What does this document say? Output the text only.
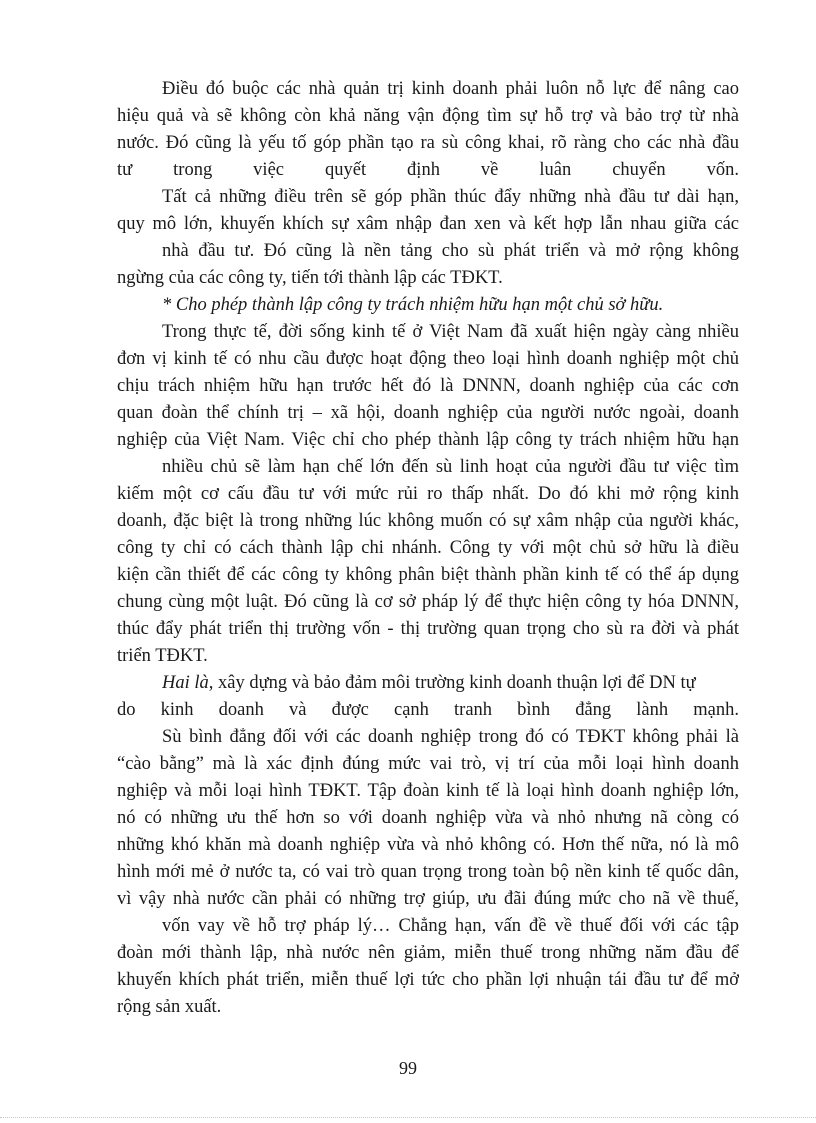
Điều đó buộc các nhà quản trị kinh doanh phải luôn nỗ lực để nâng cao
hiệu quả và sẽ không còn khả năng vận động tìm sự hỗ trợ và bảo trợ từ nhà
nước. Đó cũng là yếu tố góp phần tạo ra sù công khai, rõ ràng cho các nhà đầu
tư trong việc quyết định về luân chuyển vốn.
Tất cả những điều trên sẽ góp phần thúc đẩy những nhà đầu tư dài hạn,
quy mô lớn, khuyến khích sự xâm nhập đan xen và kết hợp lẫn nhau giữa các
nhà đầu tư. Đó cũng là nền tảng cho sù phát triển và mở rộng không
ngừng của các công ty, tiến tới thành lập các TĐKT.
* Cho phép thành lập công ty trách nhiệm hữu hạn một chủ sở hữu.
Trong thực tế, đời sống kinh tế ở Việt Nam đã xuất hiện ngày càng nhiều
đơn vị kinh tế có nhu cầu được hoạt động theo loại hình doanh nghiệp một chủ
chịu trách nhiệm hữu hạn trước hết đó là DNNN, doanh nghiệp của các cơn
quan đoàn thể chính trị – xã hội, doanh nghiệp của người nước ngoài, doanh
nghiệp của Việt Nam. Việc chỉ cho phép thành lập công ty trách nhiệm hữu hạn
nhiều chủ sẽ làm hạn chế lớn đến sù linh hoạt của người đầu tư việc tìm
kiếm một cơ cấu đầu tư với mức rủi ro thấp nhất. Do đó khi mở rộng kinh
doanh, đặc biệt là trong những lúc không muốn có sự xâm nhập của người khác,
công ty chỉ có cách thành lập chi nhánh. Công ty với một chủ sở hữu là điều
kiện cần thiết để các công ty không phân biệt thành phần kinh tế có thể áp dụng
chung cùng một luật. Đó cũng là cơ sở pháp lý để thực hiện công ty hóa DNNN,
thúc đẩy phát triển thị trường vốn - thị trường quan trọng cho sù ra đời và phát
triển TĐKT.
Hai là, xây dựng và bảo đảm môi trường kinh doanh thuận lợi để DN tự
do kinh doanh và được cạnh tranh bình đẳng lành mạnh.
Sù bình đẳng đối với các doanh nghiệp trong đó có TĐKT không phải là
“cào bằng” mà là xác định đúng mức vai trò, vị trí của mỗi loại hình doanh
nghiệp và mỗi loại hình TĐKT. Tập đoàn kinh tế là loại hình doanh nghiệp lớn,
nó có những ưu thế hơn so với doanh nghiệp vừa và nhỏ nhưng nã còng có
những khó khăn mà doanh nghiệp vừa và nhỏ không có. Hơn thế nữa, nó là mô
hình mới mẻ ở nước ta, có vai trò quan trọng trong toàn bộ nền kinh tế quốc dân,
vì vậy nhà nước cần phải có những trợ giúp, ưu đãi đúng mức cho nã về thuế,
vốn vay về hỗ trợ pháp lý… Chẳng hạn, vấn đề về thuế đối với các tập
đoàn mới thành lập, nhà nước nên giảm, miễn thuế trong những năm đầu để
khuyến khích phát triển, miễn thuế lợi tức cho phần lợi nhuận tái đầu tư để mở
rộng sản xuất.
99
